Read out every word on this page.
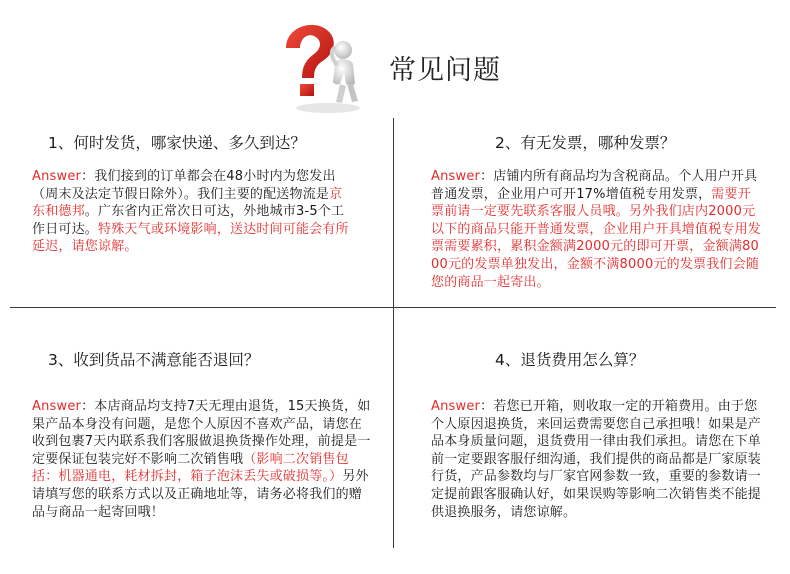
常见问题
1、何时发货，哪家快递、多久到达？
Answer：我们接到的订单都会在48小时内为您发出（周末及法定节假日除外）。我们主要的配送物流是京东和德邦。广东省内正常次日可达，外地城市3-5个工作日可达。特殊天气或环境影响，送达时间可能会有所延迟，请您谅解。
2、有无发票，哪种发票？
Answer：店铺内所有商品均为含税商品。个人用户开具普通发票，企业用户可开17%增值税专用发票，需要开票前请一定要先联系客服人员哦。另外我们店内2000元以下的商品只能开普通发票，企业用户开具增值税专用发票需要累积，累积金额满2000元的即可开票，金额满8000元的发票单独发出，金额不满8000元的发票我们会随您的商品一起寄出。
3、收到货品不满意能否退回？
Answer：本店商品均支持7天无理由退货，15天换货，如果产品本身没有问题，是您个人原因不喜欢产品，请您在收到包裹7天内联系我们客服做退换货操作处理，前提是一定要保证包装完好不影响二次销售哦（影响二次销售包括：机器通电，耗材拆封，箱子泡沫丢失或破损等。）另外请填写您的联系方式以及正确地址等，请务必将我们的赠品与商品一起寄回哦！
4、退货费用怎么算？
Answer：若您已开箱，则收取一定的开箱费用。由于您个人原因退换货，来回运费需要您自己承担哦！如果是产品本身质量问题，退货费用一律由我们承担。请您在下单前一定要跟客服仔细沟通，我们提供的商品都是厂家原装行货，产品参数均与厂家官网参数一致，重要的参数请一定提前跟客服确认好，如果误购等影响二次销售类不能提供退换服务，请您谅解。
